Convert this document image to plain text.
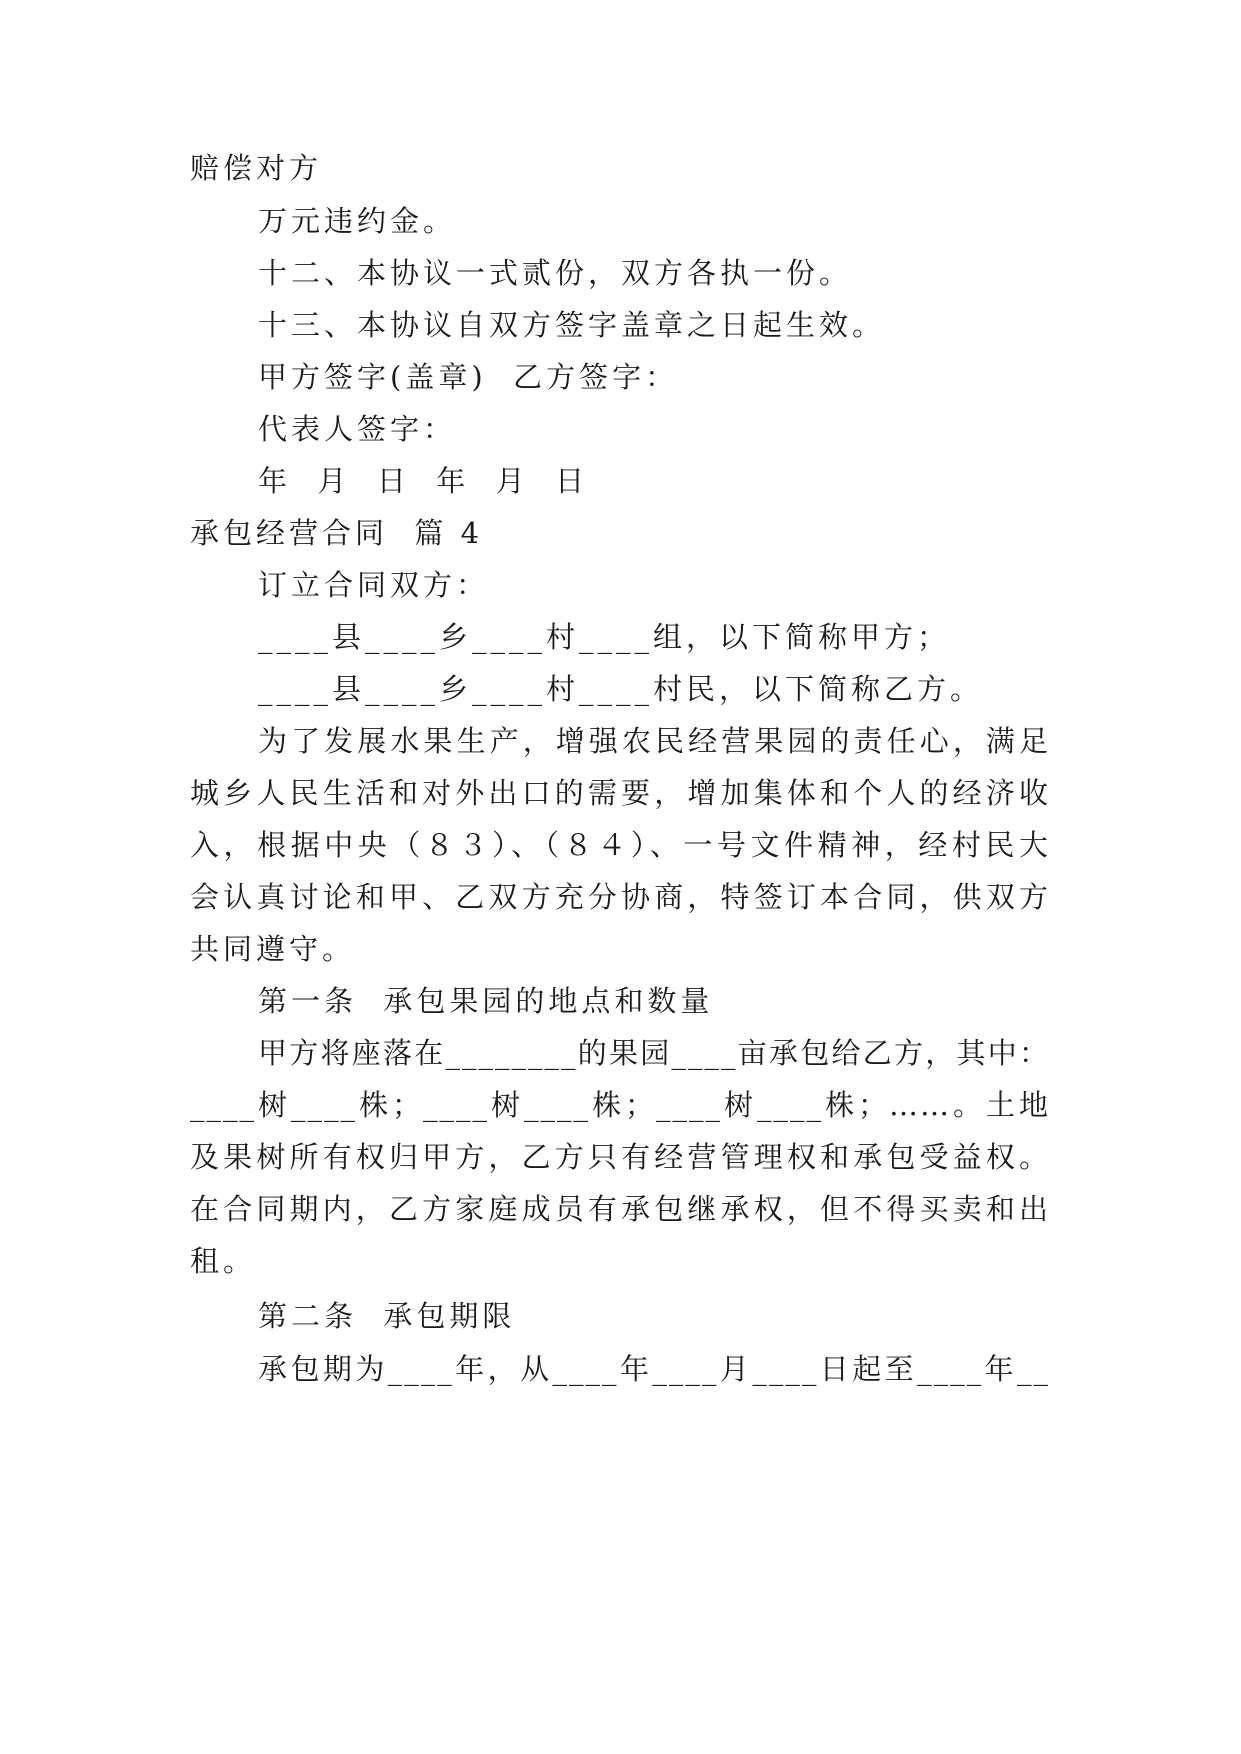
赔偿对方
万元违约金。
十二、本协议一式贰份，双方各执一份。
十三、本协议自双方签字盖章之日起生效。
甲方签字(盖章)  乙方签字：
代表人签字：
年  月  日  年  月  日
承包经营合同  篇 4
订立合同双方：
____县____乡____村____组，以下简称甲方；
____县____乡____村____村民，以下简称乙方。
为了发展水果生产，增强农民经营果园的责任心，满足
城乡人民生活和对外出口的需要，增加集体和个人的经济收
入，根据中央（８３）、（８４）、一号文件精神，经村民大
会认真讨论和甲、乙双方充分协商，特签订本合同，供双方
共同遵守。
第一条  承包果园的地点和数量
甲方将座落在________的果园____亩承包给乙方，其中：
____树____株；____树____株；____树____株；……。土地
及果树所有权归甲方，乙方只有经营管理权和承包受益权。
在合同期内，乙方家庭成员有承包继承权，但不得买卖和出
租。
第二条  承包期限
承包期为____年，从____年____月____日起至____年__
